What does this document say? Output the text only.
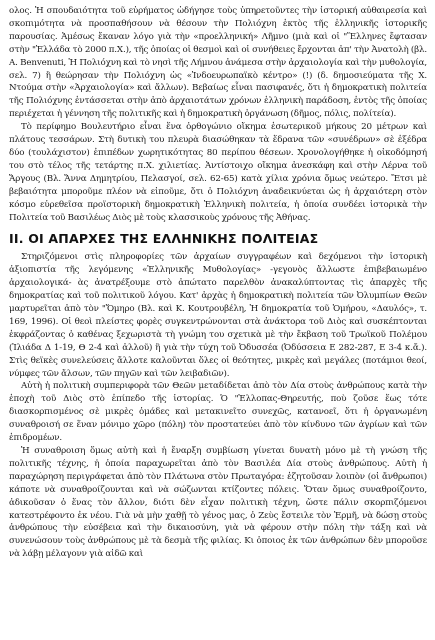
ολος. Ἡ σπουδαιότητα τοῦ εὑρήματος ὡδήγησε τοὺς ὑπηρετοῦντες τὴν ἱστορική αὐθαιρεσία καὶ σκοπιμότητα νὰ προσπαθήσουν νὰ θέσουν τὴν Πολιόχνη ἐκτὸς τῆς ἑλληνικῆς ἱστορικῆς παρουσίας. Ἀμέσως ἔκαναν λόγο γιὰ τὴν «προελληνική» Λῆμνο (μιὰ καὶ οἱ "Ἕλληνες ἔφτασαν στὴν "Ἑλλάδα τὸ 2000 π.Χ.), τῆς ὁποίας οἱ θεσμοὶ καὶ οἱ συνήθειες ἔρχονται ἀπ' τὴν Ἀνατολὴ (βλ. A. Benvenuti, Ἡ Πολιόχνη καὶ τὸ νησὶ τῆς Λήμνου ἀνάμεσα στὴν ἀρχαιολογία καὶ τὴν μυθολογία, σελ. 7) ἢ θεώρησαν τὴν Πολιόχνη ὡς «Ἰνδοευρωπαϊκὸ κέντρο» (!) (δ. δημοσιεύματα τῆς Χ. Ντούμα στὴν «Ἀρχαιολογία» καὶ ἄλλων). Βεβαίως εἶναι πασιφανές, ὅτι ἡ δημοκρατικὴ πολιτεία τῆς Πολιόχνης ἐντάσσεται στὴν ἀπὸ ἀρχαιοτάτων χρόνων ἑλληνικὴ παράδοση, ἐντὸς τῆς ὁποίας περιέχεται ἡ γέννηση τῆς πολιτικῆς καὶ ἡ δημοκρατικὴ ὀργάνωση (δῆμος, πόλις, πολίτεία).

Τὸ περίφημο Βουλευτήριο εἶναι ἕνα ὀρθογώνιο οἴκημα ἐσωτερικοῦ μήκους 20 μέτρων καὶ πλάτους τεσσάρων. Στὴ δυτικὴ του πλευρὰ διασώθηκαν τὰ ἕδρανα τῶν «συνέδρων» σὲ ἐξέδρα δύο (τουλάχιστον) ἐπιπέδων χωρητικότητας 80 περίπου θέσεων. Χρονολογήθηκε ἡ οἰκοδόμησή του στὸ τέλος τῆς τετάρτης π.Χ. χιλιετίας. Ἀντίστοιχο οἴκημα ἀνεσκάφη καὶ στὴν Λέρνα τοῦ Ἄργους (Βλ. Ἄννα Δημητρίου, Πελασγοί, σελ. 62-65) κατὰ χίλια χρόνια ὅμως νεώτερο. Ἔτσι μὲ βεβαιότητα μποροῦμε πλέον νὰ εἰποῦμε, ὅτι ὁ Πολιόχνη ἀναδεικνύεται ὡς ἡ ἀρχαιότερη στὸν κόσμο εὑρεθεῖσα προϊστορικὴ δημοκρατικὴ Ἑλληνικὴ πολιτεία, ἡ ὁποία συνδέει ἱστορικὰ τὴν Πολιτεία τοῦ Βασιλέως Διὸς μὲ τοὺς κλασσικοὺς χρόνους τῆς Ἀθήνας.

ΙΙ. ΟΙ ΑΠΑΡΧΕΣ ΤΗΣ ΕΛΛΗΝΙΚΗΣ ΠΟΛΙΤΕΙΑΣ

Στηριζόμενοι στὶς πληροφορίες τῶν ἀρχαίων συγγραφέων καὶ δεχόμενοι τὴν ἱστορικὴ ἀξιοπιστία τῆς λεγόμενης «Ἑλληνικῆς Μυθολογίας» -γεγονὸς ἄλλωστε ἐπιβεβαιωμένο ἀρχαιολογικά- ὰς ἀνατρέξουμε στὸ ἀπώτατο παρελθὸν ἀνακαλύπτοντας τὶς ἀπαρχὲς τῆς δημοκρατίας καὶ τοῦ πολιτικοῦ λόγου. Κατ' ἀρχὰς ἡ δημοκρατικὴ πολιτεία τῶν Ὀλυμπίων Θεῶν μαρτυρεῖται ἀπὸ τὸν "Ὅμηρο (Βλ. καὶ Κ. Κουτρουβέλη, Ἡ δημοκρατία τοῦ Ὁμήρου, «Δαυλός», τ. 169, 1996). Οἱ θεοὶ πλείστες φορὲς συγκεντρώνονται στὰ ἀνάκτορα τοῦ Διὸς καὶ συσκέπτονται ἐκφράζοντας ὁ καθένας ξεχωριστὰ τὴ γνώμη του σχετικὰ μὲ τὴν ἔκβαση τοῦ Τρωϊκοῦ Πολέμου (Ἰλιάδα Δ 1-19, Θ 2-4 καὶ ἀλλοῦ) ἢ γιὰ τὴν τύχη τοῦ Ὀδυσσέα (Ὀδύσσεια Ε 282-287, Ε 3-4 κ.ἄ.). Στὶς θεϊκὲς συνελεύσεις ἄλλοτε καλοῦνται ὅλες οἱ θεότητες, μικρὲς καὶ μεγάλες (ποτάμιοι θεοί, νύμφες τῶν ἄλσων, τῶν πηγῶν καὶ τῶν λειβαδιῶν).

Αὐτὴ ἡ πολιτικὴ συμπεριφορὰ τῶν Θεῶν μεταδίδεται ἀπὸ τὸν Δία στοὺς ἀνθρώπους κατὰ τὴν ἐποχὴ τοῦ Διὸς στὸ ἐπίπεδο τῆς ἱστορίας. Ὁ "Ἑλλοπας-Θηρευτής, ποὺ ζοῦσε ἕως τότε διασκορπισμένος σὲ μικρὲς ὁμάδες καὶ μετακινεῖτο συνεχῶς, κατανοεῖ, ὅτι ἡ ὀργανωμένη συναθροισή σε ἕναν μόνιμο χῶρο (πόλη) τὸν προστατεύει ἀπὸ τὸν κίνδυνο τῶν ἀγρίων καὶ τῶν ἐπιδρομέων.

Ἡ συναθροιση ὅμως αὐτὴ καὶ ἡ ἔναρξη συμβίωση γίνεται δυνατὴ μόνο μὲ τὴ γνώση τῆς πολιτικῆς τέχνης, ἡ ὁποία παραχωρεῖται ἀπὸ τὸν Βασιλέα Δία στοὺς ἀνθρώπους. Αὐτὴ ἡ παραχώρηση περιγράφεται ἀπὸ τὸν Πλάτωνα στὸν Πρωταγόρα: ἐζητοῦσαν λοιπὸν (οἱ ἄνθρωποι) κάποτε νὰ συναθροίζουνται καὶ νὰ σώζωνται κτίζοντες πόλεις. Ὅταν ὅμως συναθροίζοντο, ἀδικοῦσαν ὁ ἕνας τὸν ἄλλον, διότι δὲν εἶχαν πολιτικὴ τέχνη, ὥστε πάλιν σκορπιζόμενοι κατεστρέφοντο ἐκ νέου. Γιὰ νὰ μὴν χαθῇ τὸ γένος μας, ὁ Ζεὺς ἔστειλε τὸν Ἑρμῆ, νὰ δώσῃ στοὺς ἀνθρώπους τὴν εὐσέβεια καὶ τὴν δικαιοσύνη, γιὰ νὰ φέρουν στὴν πόλη τὴν τάξη καὶ νὰ συνενώσουν τοὺς ἀνθρώπους μὲ τὰ δεσμὰ τῆς φιλίας. Κι ὁποιος ἐκ τῶν ἀνθρώπων δὲν μποροῦσε νὰ λάβῃ μέλαγονν γιὰ αἰδῶ καὶ
